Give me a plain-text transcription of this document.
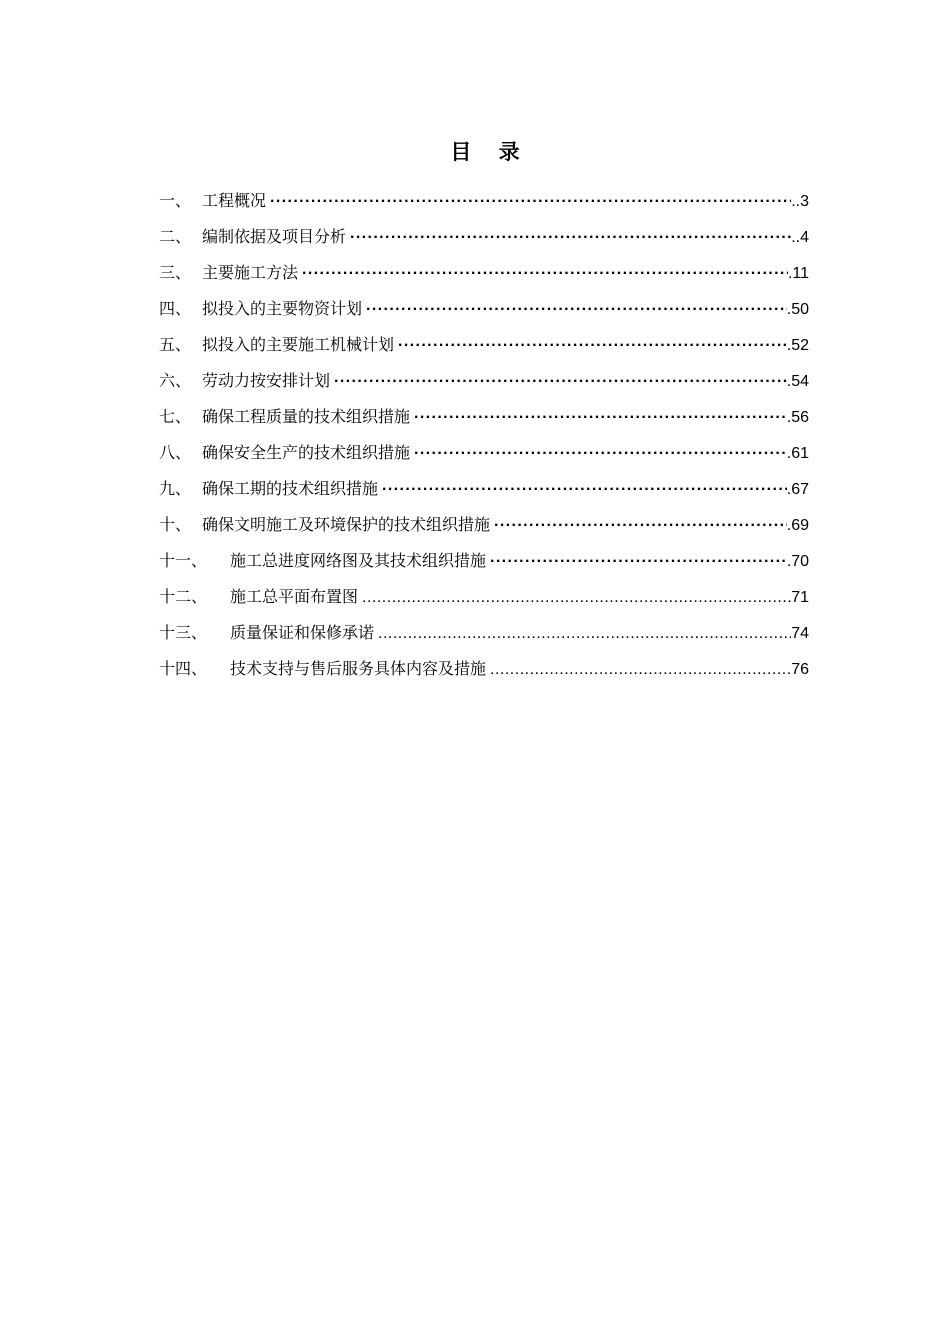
目 录
一、 工程概况 ·····	..3
二、 编制依据及项目分析 ·····	..4
三、 主要施工方法 ·····	.11
四、 拟投入的主要物资计划 ·····	.50
五、 拟投入的主要施工机械计划 ·····	.52
六、 劳动力按安排计划 ·····	.54
七、 确保工程质量的技术组织措施 ·····	.56
八、 确保安全生产的技术组织措施 ·····	.61
九、 确保工期的技术组织措施 ·····	.67
十、 确保文明施工及环境保护的技术组织措施 ·····	.69
十一、	施工总进度网络图及其技术组织措施 ·····	.70
十二、	施工总平面布置图 .....	71
十三、	质量保证和保修承诺 .....	74
十四、	技术支持与售后服务具体内容及措施 .....	76
